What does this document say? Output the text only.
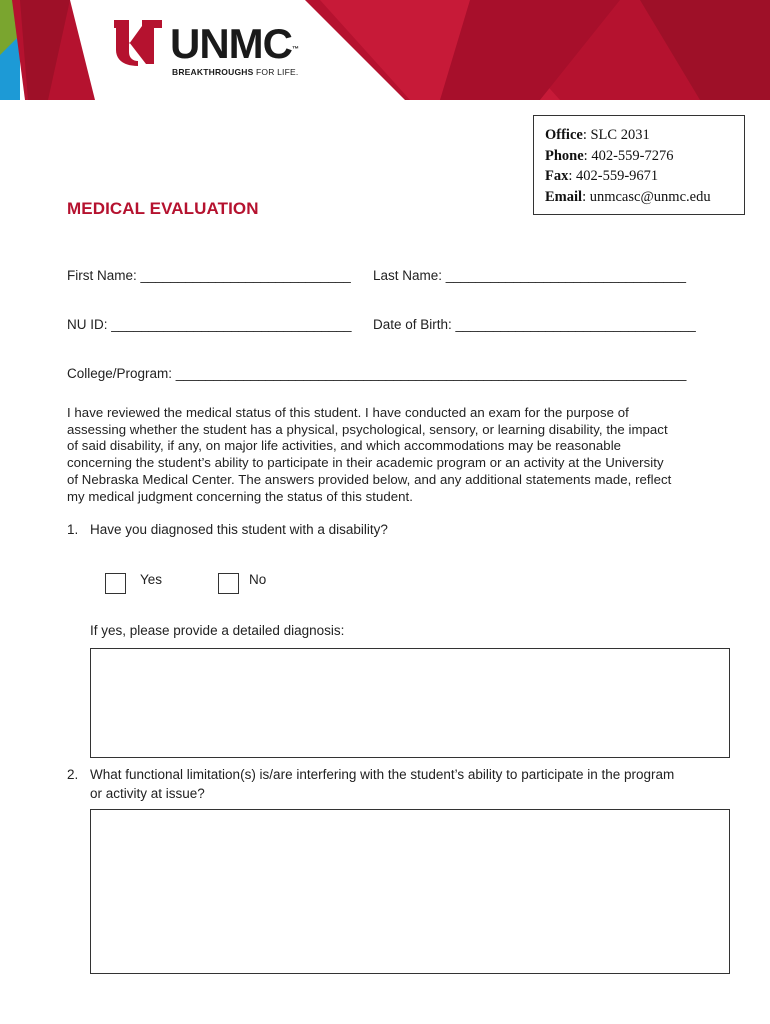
UNMC™
BREAKTHROUGHS FOR LIFE.
Office: SLC 2031
Phone: 402-559-7276
Fax: 402-559-9671
Email: unmcasc@unmc.edu
MEDICAL EVALUATION
First Name: ____________________________ Last Name: ________________________________
NU ID: ________________________________ Date of Birth: ________________________________
College/Program: ____________________________________________________________________
I have reviewed the medical status of this student. I have conducted an exam for the purpose of
assessing whether the student has a physical, psychological, sensory, or learning disability, the impact
of said disability, if any, on major life activities, and which accommodations may be reasonable
concerning the student’s ability to participate in their academic program or an activity at the University
of Nebraska Medical Center. The answers provided below, and any additional statements made, reflect
my medical judgment concerning the status of this student.
1. Have you diagnosed this student with a disability?
Yes	No
If yes, please provide a detailed diagnosis:
2. What functional limitation(s) is/are interfering with the student’s ability to participate in the program
or activity at issue?
